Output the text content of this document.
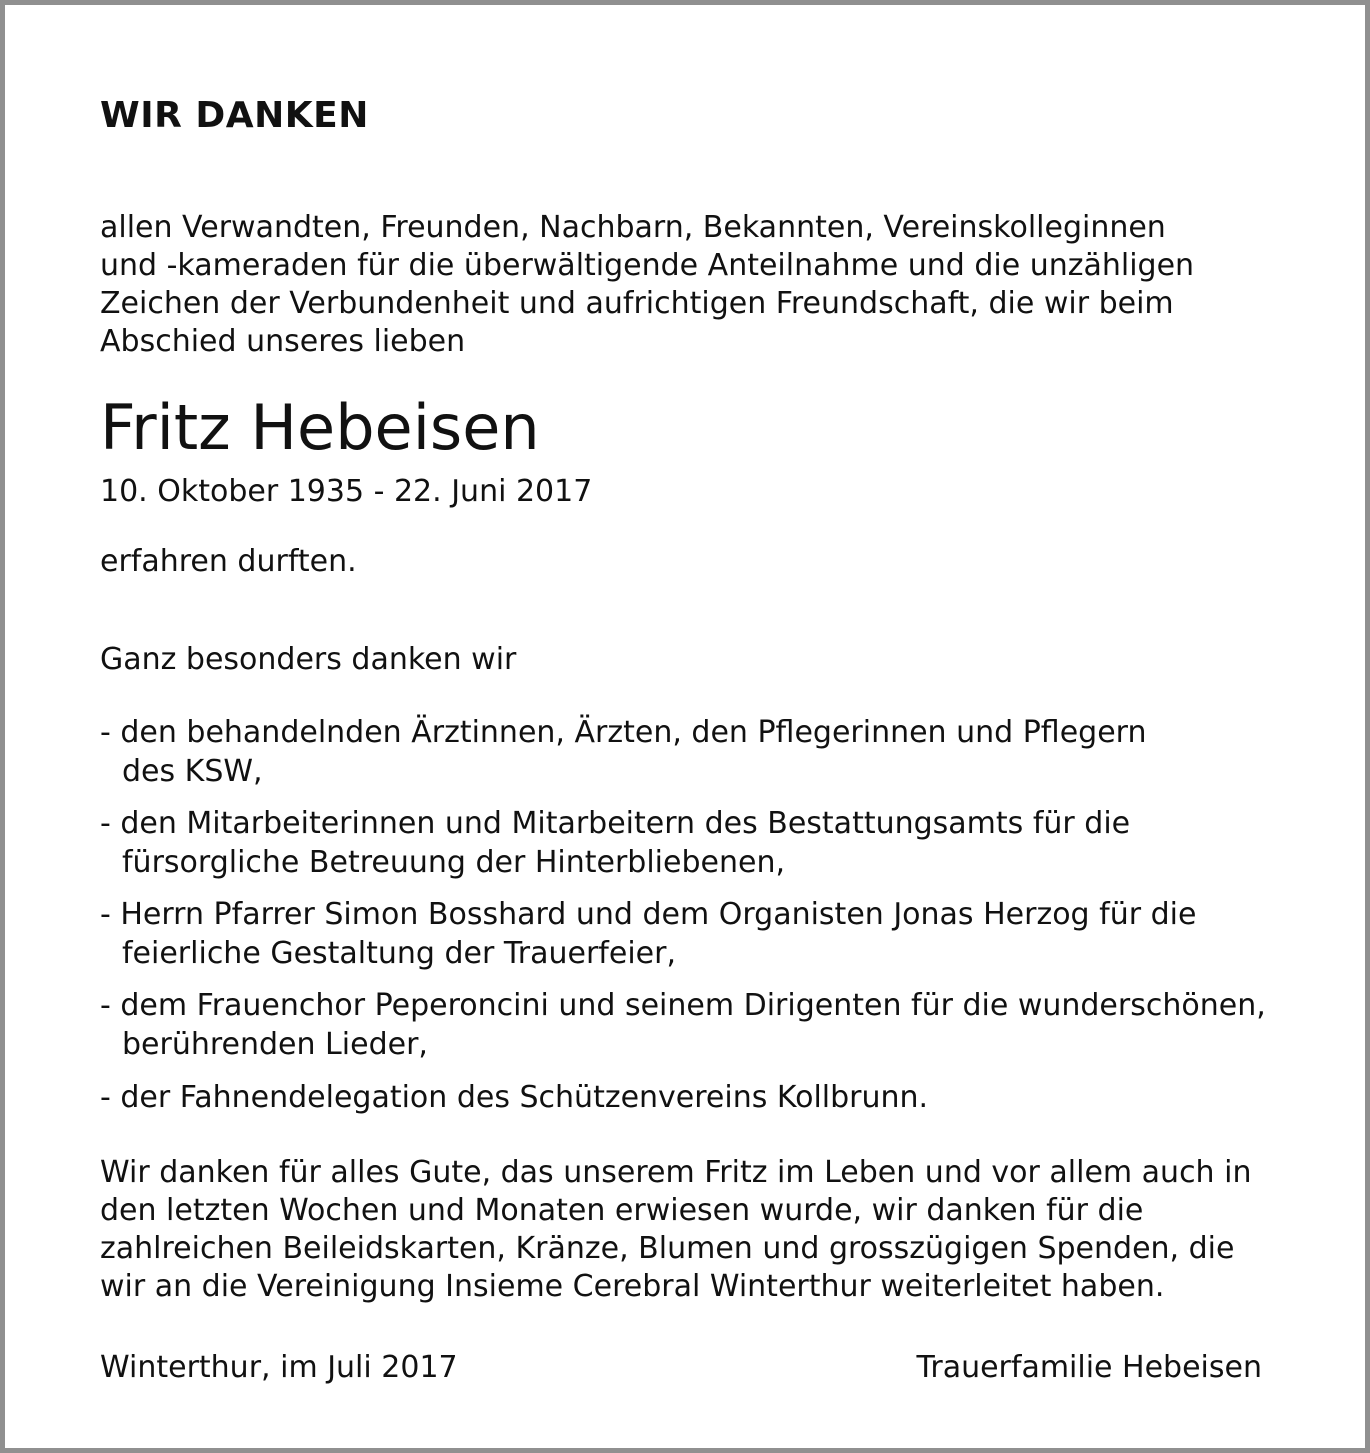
WIR DANKEN

allen Verwandten, Freunden, Nachbarn, Bekannten, Vereinskolleginnen
und -kameraden für die überwältigende Anteilnahme und die unzähligen
Zeichen der Verbundenheit und aufrichtigen Freundschaft, die wir beim
Abschied unseres lieben

Fritz Hebeisen
10. Oktober 1935 - 22. Juni 2017

erfahren durften.

Ganz besonders danken wir

- den behandelnden Ärztinnen, Ärzten, den Pflegerinnen und Pflegern
des KSW,
- den Mitarbeiterinnen und Mitarbeitern des Bestattungsamts für die
fürsorgliche Betreuung der Hinterbliebenen,
- Herrn Pfarrer Simon Bosshard und dem Organisten Jonas Herzog für die
feierliche Gestaltung der Trauerfeier,
- dem Frauenchor Peperoncini und seinem Dirigenten für die wunderschönen,
berührenden Lieder,
- der Fahnendelegation des Schützenvereins Kollbrunn.

Wir danken für alles Gute, das unserem Fritz im Leben und vor allem auch in
den letzten Wochen und Monaten erwiesen wurde, wir danken für die
zahlreichen Beileidskarten, Kränze, Blumen und grosszügigen Spenden, die
wir an die Vereinigung Insieme Cerebral Winterthur weiterleitet haben.

Winterthur, im Juli 2017	Trauerfamilie Hebeisen
